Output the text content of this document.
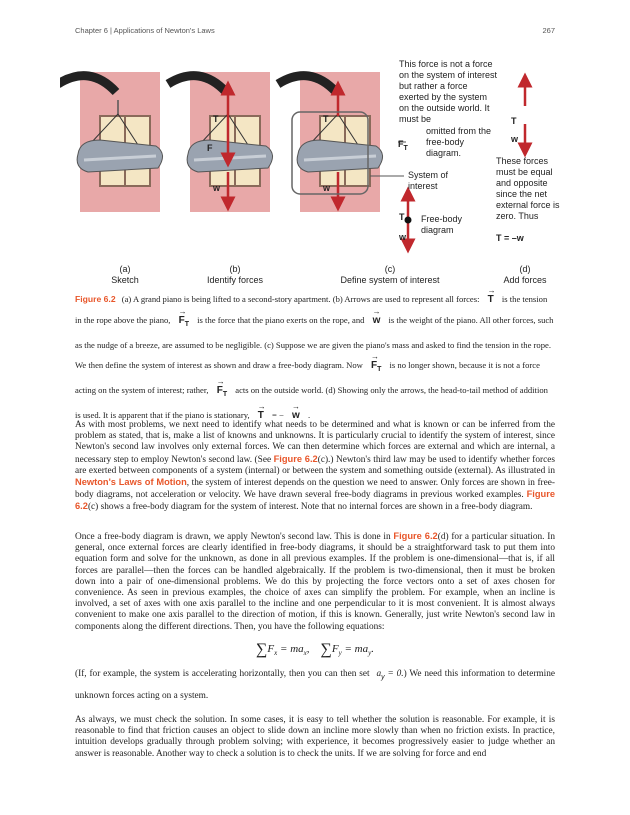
Chapter 6 | Applications of Newton's Laws	267
T
F
w
T
w
T
w
T
w
This force is not a force on the system of interest but rather a force exerted by the system on the outside world. It must be
omitted from the free-body diagram.
$F_T$
System of interest
Free-body diagram
These forces must be equal and opposite since the net external force is zero. Thus
T = –w
(a)
Sketch
(b)
Identify forces
(c)
Define system of interest
(d)
Add forces
Figure 6.2 (a) A grand piano is being lifted to a second-story apartment. (b) Arrows are used to represent all forces: → T is the tension in the rope above the piano, → $F_T$ is the force that the piano exerts on the rope, and → w is the weight of the piano. All other forces, such as the nudge of a breeze, are assumed to be negligible. (c) Suppose we are given the piano's mass and asked to find the tension in the rope. We then define the system of interest as shown and draw a free-body diagram. Now → $F_T$ is no longer shown, because it is not a force acting on the system of interest; rather, → $F_T$ acts on the outside world. (d) Showing only the arrows, the head-to-tail method of addition is used. It is apparent that if the piano is stationary, → T = − → w .
As with most problems, we next need to identify what needs to be determined and what is known or can be inferred from the problem as stated, that is, make a list of knowns and unknowns. It is particularly crucial to identify the system of interest, since Newton's second law involves only external forces. We can then determine which forces are external and which are internal, a necessary step to employ Newton's second law. (See Figure 6.2(c).) Newton's third law may be used to identify whether forces are exerted between components of a system (internal) or between the system and something outside (external). As illustrated in Newton's Laws of Motion, the system of interest depends on the question we need to answer. Only forces are shown in free-body diagrams, not acceleration or velocity. We have drawn several free-body diagrams in previous worked examples. Figure 6.2(c) shows a free-body diagram for the system of interest. Note that no internal forces are shown in a free-body diagram.
Once a free-body diagram is drawn, we apply Newton's second law. This is done in Figure 6.2(d) for a particular situation. In general, once external forces are clearly identified in free-body diagrams, it should be a straightforward task to put them into equation form and solve for the unknown, as done in all previous examples. If the problem is one-dimensional—that is, if all forces are parallel—then the forces can be handled algebraically. If the problem is two-dimensional, then it must be broken down into a pair of one-dimensional problems. We do this by projecting the force vectors onto a set of axes chosen for convenience. As seen in previous examples, the choice of axes can simplify the problem. For example, when an incline is involved, a set of axes with one axis parallel to the incline and one perpendicular to it is most convenient. It is almost always convenient to make one axis parallel to the direction of motion, if this is known. Generally, just write Newton's second law in components along the different directions. Then, you have the following equations:
$\sum F_x = ma_x$,    $\sum F_y = ma_y$.
(If, for example, the system is accelerating horizontally, then you can then set $a_y = 0$.) We need this information to determine unknown forces acting on a system.
As always, we must check the solution. In some cases, it is easy to tell whether the solution is reasonable. For example, it is reasonable to find that friction causes an object to slide down an incline more slowly than when no friction exists. In practice, intuition develops gradually through problem solving; with experience, it becomes progressively easier to judge whether an answer is reasonable. Another way to check a solution is to check the units. If we are solving for force and end
